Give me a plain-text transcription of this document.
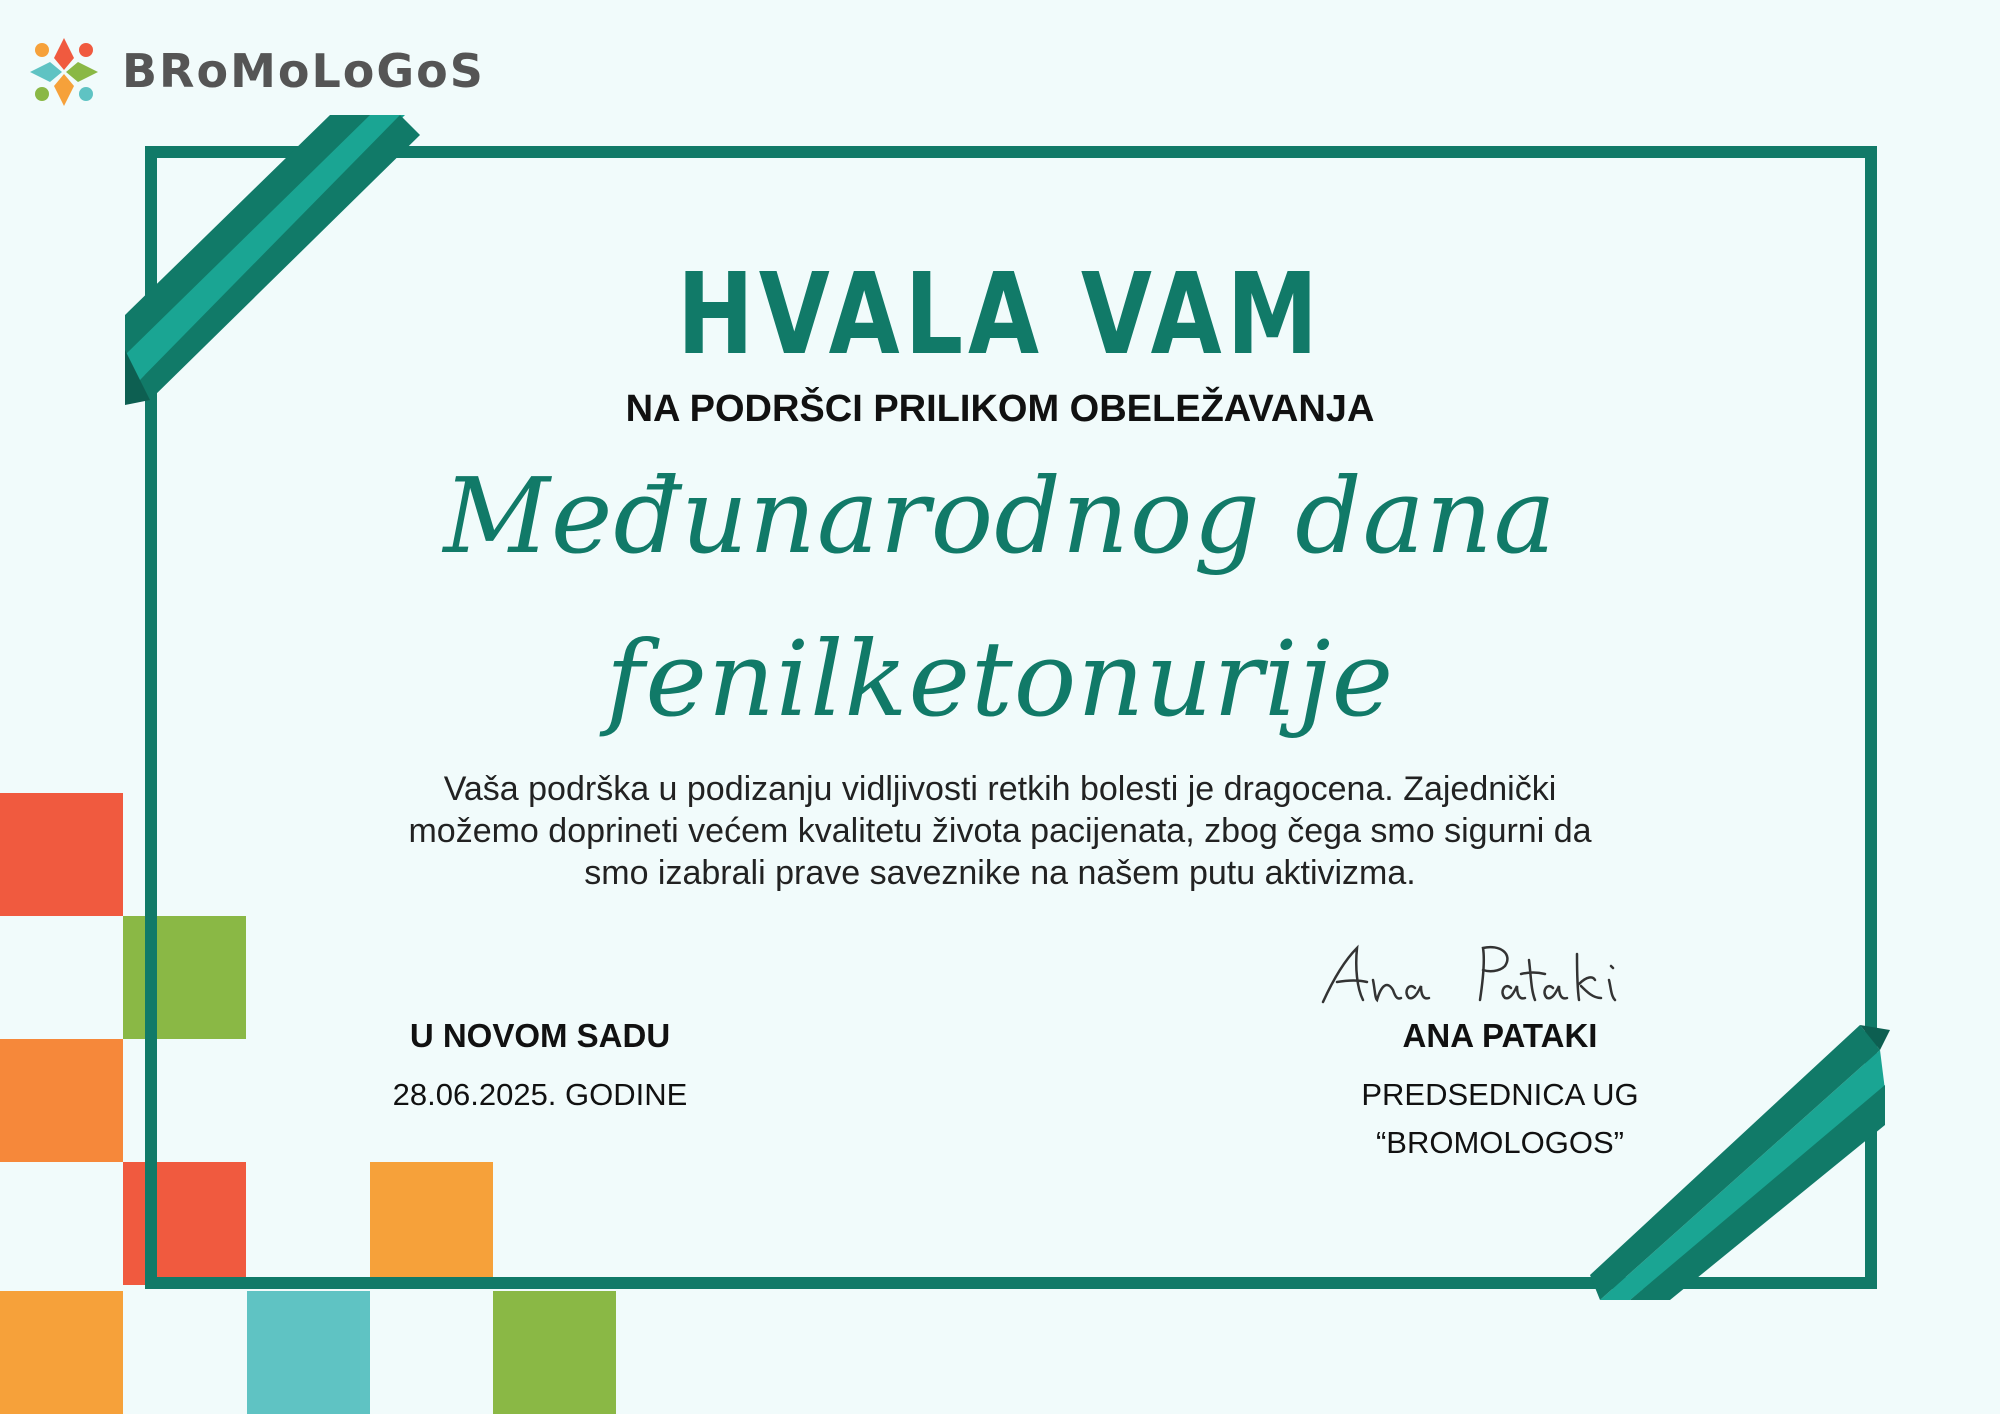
BRoMoLoGoS
HVALA VAM
NA PODRŠCI PRILIKOM OBELEŽAVANJA
Međunarodnog dana
fenilketonurije
Vaša podrška u podizanju vidljivosti retkih bolesti je dragocena. Zajednički
možemo doprineti većem kvalitetu života pacijenata, zbog čega smo sigurni da
smo izabrali prave saveznike na našem putu aktivizma.
U NOVOM SADU
28.06.2025. GODINE
ANA PATAKI
PREDSEDNICA UG
“BROMOLOGOS”
